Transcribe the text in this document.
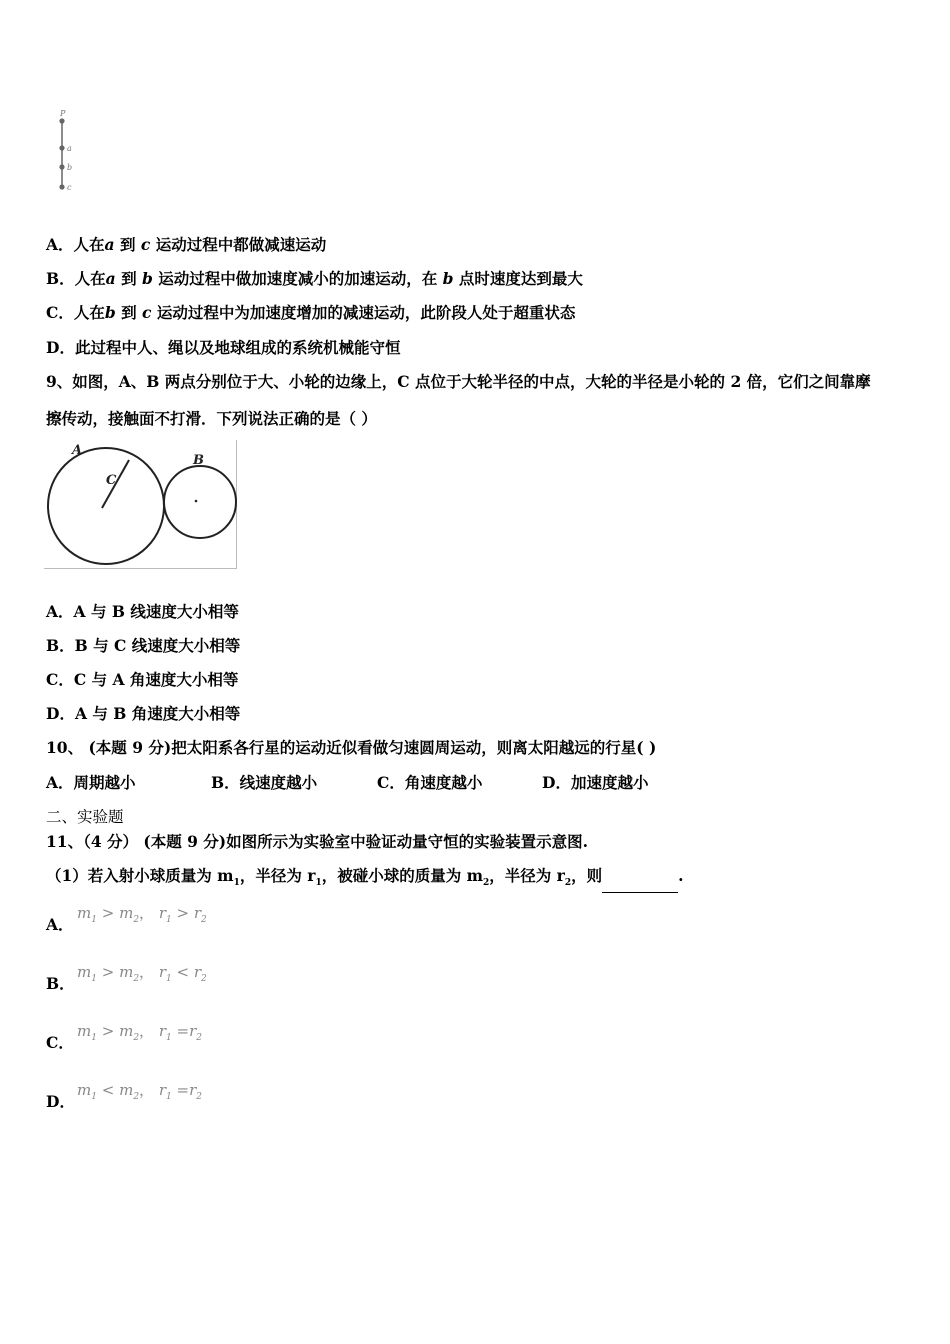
P
a
b
c
A．人在a 到 c 运动过程中都做减速运动
B．人在a 到 b 运动过程中做加速度减小的加速运动，在 b 点时速度达到最大
C．人在b 到 c 运动过程中为加速度增加的减速运动，此阶段人处于超重状态
D．此过程中人、绳以及地球组成的系统机械能守恒
9、如图，A、B 两点分别位于大、小轮的边缘上，C 点位于大轮半径的中点，大轮的半径是小轮的 2 倍，它们之间靠摩
擦传动，接触面不打滑．下列说法正确的是（ ）
A
C
B
A．A 与 B 线速度大小相等
B．B 与 C 线速度大小相等
C．C 与 A 角速度大小相等
D．A 与 B 角速度大小相等
10、 (本题 9 分)把太阳系各行星的运动近似看做匀速圆周运动，则离太阳越远的行星( )
A．周期越小	B．线速度越小	C．角速度越小	D．加速度越小
二、实验题
11、（4 分） (本题 9 分)如图所示为实验室中验证动量守恒的实验装置示意图.
（1）若入射小球质量为 $m_1$，半径为 $r_1$，被碰小球的质量为 $m_2$，半径为 $r_2$，则	.
A．
$m_1 > m_2$， $r_1 > r_2$
B．
$m_1 > m_2$， $r_1 < r_2$
C．
$m_1 > m_2$， $r_1 =r_2$
D．
$m_1 < m_2$， $r_1 =r_2$
